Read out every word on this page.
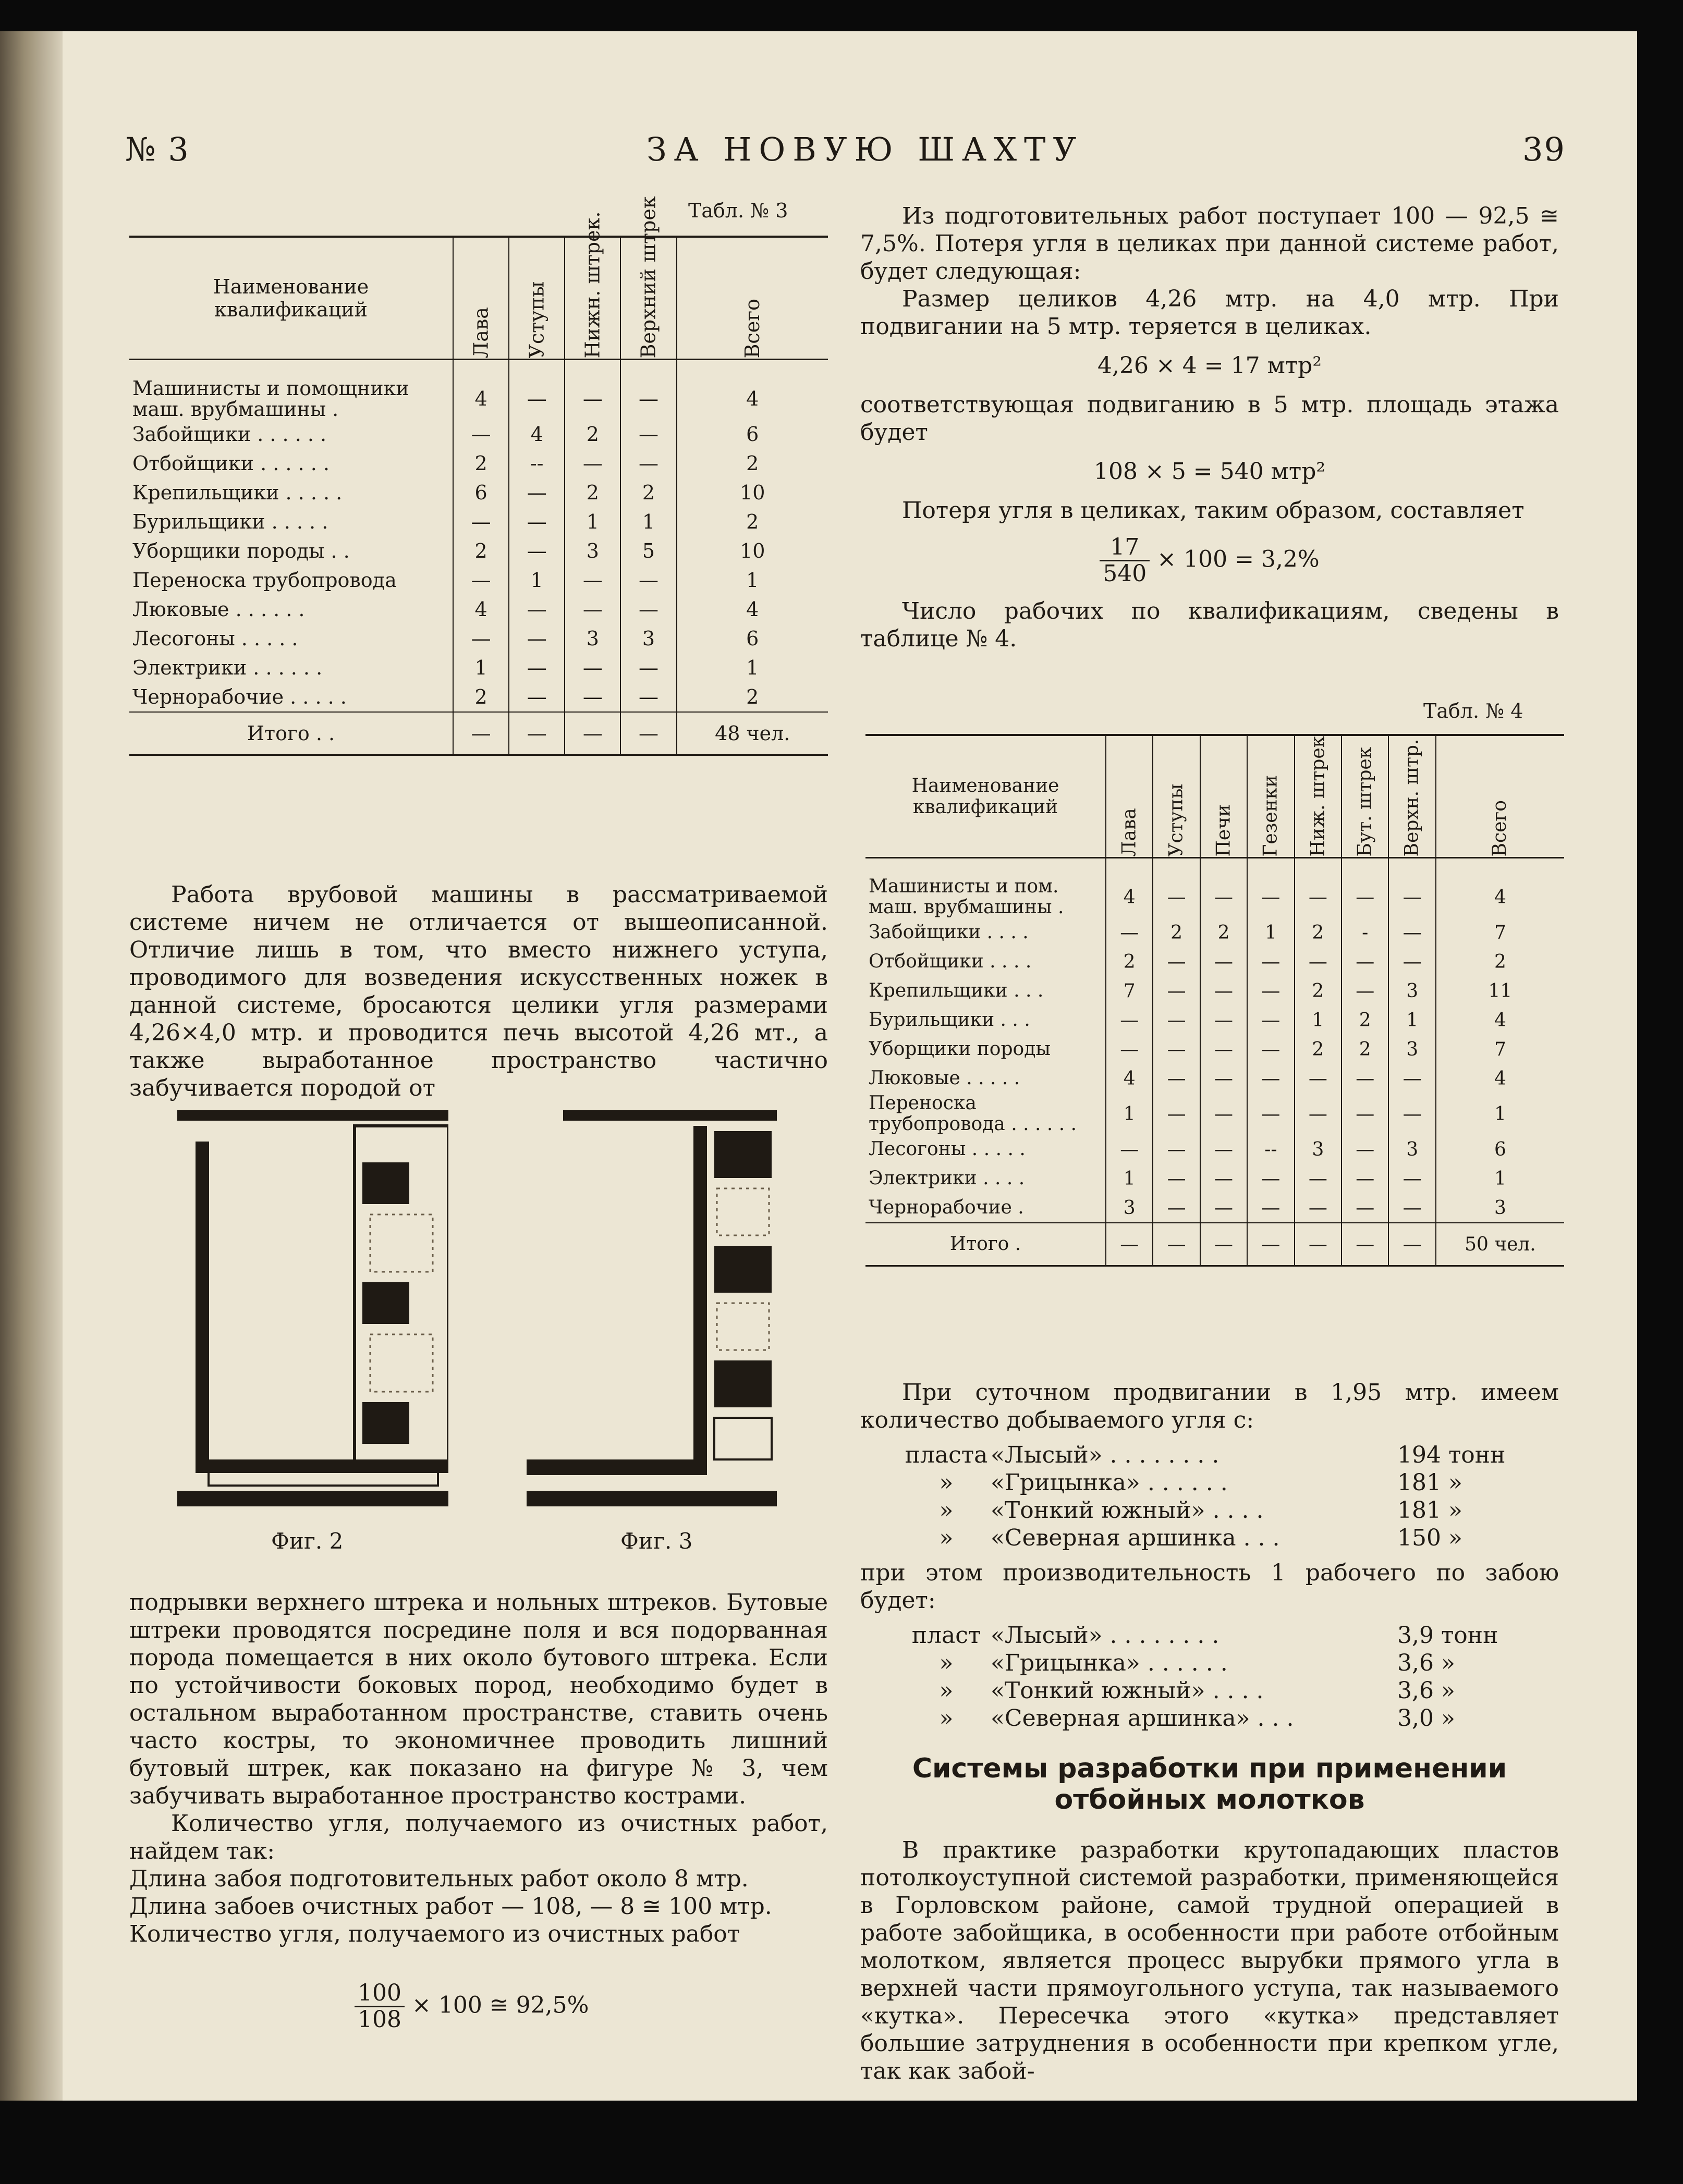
№ 3	ЗА НОВУЮ ШАХТУ	39
Табл. № 3
Наименование квалификаций	Лава	Уступы	Нижн. штрек.	Верхний штрек	Всего
Машинисты и помощники маш. врубмашины .	4	—	—	—	4
Забойщики . . . . . .	—	4	2	—	6
Отбойщики . . . . . .	2	--	—	—	2
Крепильщики . . . . .	6	—	2	2	10
Бурильщики . . . . .	—	—	1	1	2
Уборщики породы . .	2	—	3	5	10
Переноска трубопровода	—	1	—	—	1
Люковые . . . . . .	4	—	—	—	4
Лесогоны . . . . .	—	—	3	3	6
Электрики . . . . . .	1	—	—	—	1
Чернорабочие . . . . .	2	—	—	—	2
Итого . .	—	—	—	—	48 чел.

Работа врубовой машины в рассматриваемой системе ничем не отличается от вышеописанной. Отличие лишь в том, что вместо нижнего уступа, проводимого для возведения искусственных ножек в данной системе, бросаются целики угля размерами 4,26×4,0 мтр. и проводится печь высотой 4,26 мт., а также выработанное пространство частично забучивается породой от

Фиг. 2	Фиг. 3

подрывки верхнего штрека и нольных штреков. Бутовые штреки проводятся посредине поля и вся подорванная порода помещается в них около бутового штрека. Если по устойчивости боковых пород, необходимо будет в остальном выработанном пространстве, ставить очень часто костры, то экономичнее проводить лишний бутовый штрек, как показано на фигуре № 3, чем забучивать выработанное пространство кострами.

Количество угля, получаемого из очистных работ, найдем так:

Длина забоя подготовительных работ около 8 мтр.

Длина забоев очистных работ — 108, — 8 ≅ 100 мтр.

Количество угля, получаемого из очистных работ

$\frac{100}{108} \times 100$ ≅ 92,5%

Из подготовительных работ поступает 100 — 92,5 ≅ 7,5%. Потеря угля в целиках при данной системе работ, будет следующая:

Размер целиков 4,26 мтр. на 4,0 мтр. При подвигании на 5 мтр. теряется в целиках.

4,26 × 4 = 17 мтр²

соответствующая подвиганию в 5 мтр. площадь этажа будет

108 × 5 = 540 мтр²

Потеря угля в целиках, таким образом, составляет

$\frac{17}{540} \times 100 = 3,2\%$

Число рабочих по квалификациям, сведены в таблице № 4.

Табл. № 4
Наименование квалификаций	Лава	Уступы	Печи	Гезенки	Ниж. штрек	Бут. штрек	Верхн. штр.	Всего
Машинисты и пом. маш. врубмашины .	4	—	—	—	—	—	—	4
Забойщики . . . .	—	2	2	1	2	-	—	7
Отбойщики . . . .	2	—	—	—	—	—	—	2
Крепильщики . . .	7	—	—	—	2	—	3	11
Бурильщики . . .	—	—	—	—	1	2	1	4
Уборщики породы	—	—	—	—	2	2	3	7
Люковые . . . . .	4	—	—	—	—	—	—	4
Переноска трубопровода . . . . . .	1	—	—	—	—	—	—	1
Лесогоны . . . . .	—	—	—	--	3	—	3	6
Электрики . . . .	1	—	—	—	—	—	—	1
Чернорабочие .	3	—	—	—	—	—	—	3
Итого .	—	—	—	—	—	—	—	50 чел.

При суточном продвигании в 1,95 мтр. имеем количество добываемого угля с:

пласта «Лысый» . . . . . . . .	194 тонн
»	«Грицынка» . . . . . .	181 »
»	«Тонкий южный» . . . .	181 »
»	«Северная аршинка . . .	150 »

при этом производительность 1 рабочего по забою будет:

пласт «Лысый» . . . . . . . .	3,9 тонн
»	«Грицынка» . . . . . .	3,6 »
»	«Тонкий южный» . . . .	3,6 »
»	«Северная аршинка» . . .	3,0 »
Системы разработки при применении отбойных молотков

В практике разработки крутопадающих пластов потолкоуступной системой разработки, применяющейся в Горловском районе, самой трудной операцией в работе забойщика, в особенности при работе отбойным молотком, является процесс вырубки прямого угла в верхней части прямоугольного уступа, так называемого «кутка». Пересечка этого «кутка» представляет большие затруднения в особенности при крепком угле, так как забой-
